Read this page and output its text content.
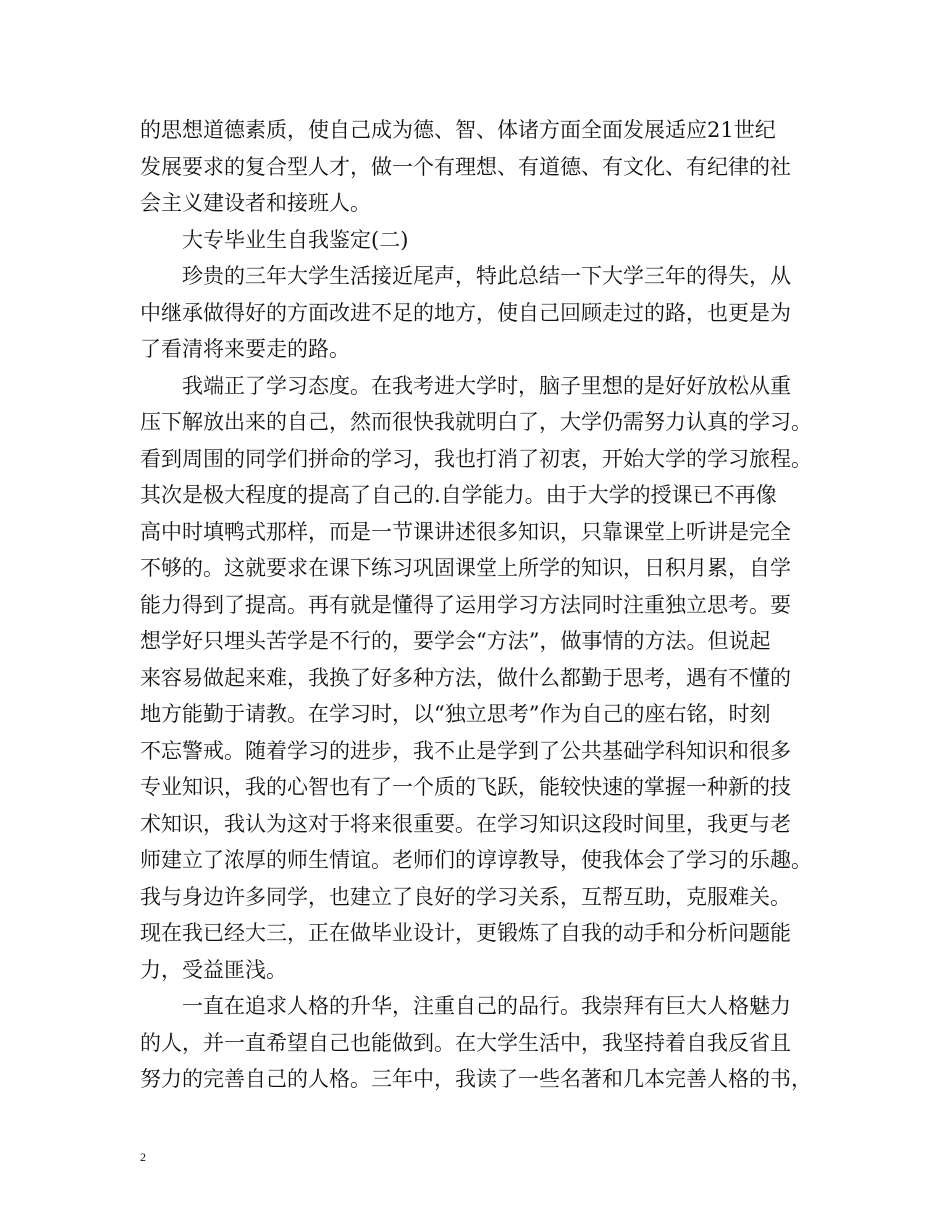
的思想道德素质，使自己成为德、智、体诸方面全面发展适应21世纪
发展要求的复合型人才，做一个有理想、有道德、有文化、有纪律的社
会主义建设者和接班人。
大专毕业生自我鉴定(二)
珍贵的三年大学生活接近尾声，特此总结一下大学三年的得失，从
中继承做得好的方面改进不足的地方，使自己回顾走过的路，也更是为
了看清将来要走的路。
我端正了学习态度。在我考进大学时，脑子里想的是好好放松从重
压下解放出来的自己，然而很快我就明白了，大学仍需努力认真的学习。
看到周围的同学们拼命的学习，我也打消了初衷，开始大学的学习旅程。
其次是极大程度的提高了自己的.自学能力。由于大学的授课已不再像
高中时填鸭式那样，而是一节课讲述很多知识，只靠课堂上听讲是完全
不够的。这就要求在课下练习巩固课堂上所学的知识，日积月累，自学
能力得到了提高。再有就是懂得了运用学习方法同时注重独立思考。要
想学好只埋头苦学是不行的，要学会“方法”，做事情的方法。但说起
来容易做起来难，我换了好多种方法，做什么都勤于思考，遇有不懂的
地方能勤于请教。在学习时，以“独立思考”作为自己的座右铭，时刻
不忘警戒。随着学习的进步，我不止是学到了公共基础学科知识和很多
专业知识，我的心智也有了一个质的飞跃，能较快速的掌握一种新的技
术知识，我认为这对于将来很重要。在学习知识这段时间里，我更与老
师建立了浓厚的师生情谊。老师们的谆谆教导，使我体会了学习的乐趣。
我与身边许多同学，也建立了良好的学习关系，互帮互助，克服难关。
现在我已经大三，正在做毕业设计，更锻炼了自我的动手和分析问题能
力，受益匪浅。
一直在追求人格的升华，注重自己的品行。我崇拜有巨大人格魅力
的人，并一直希望自己也能做到。在大学生活中，我坚持着自我反省且
努力的完善自己的人格。三年中，我读了一些名著和几本完善人格的书，
2
